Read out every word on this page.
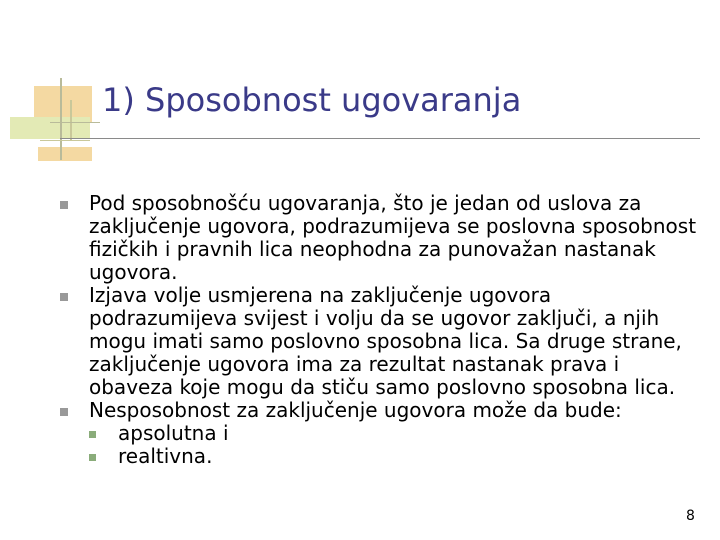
1) Sposobnost ugovaranja
Pod sposobnošću ugovaranja, što je jedan od uslova za zaključenje ugovora, podrazumijeva se poslovna sposobnost fizičkih i pravnih lica neophodna za punovažan nastanak ugovora.
Izjava volje usmjerena na zaključenje ugovora podrazumijeva svijest i volju da se ugovor zaključi, a njih mogu imati samo poslovno sposobna lica. Sa druge strane, zaključenje ugovora ima za rezultat nastanak prava i obaveza koje mogu da stiču samo poslovno sposobna lica.
Nesposobnost za zaključenje ugovora može da bude:
apsolutna i
realtivna.
8
